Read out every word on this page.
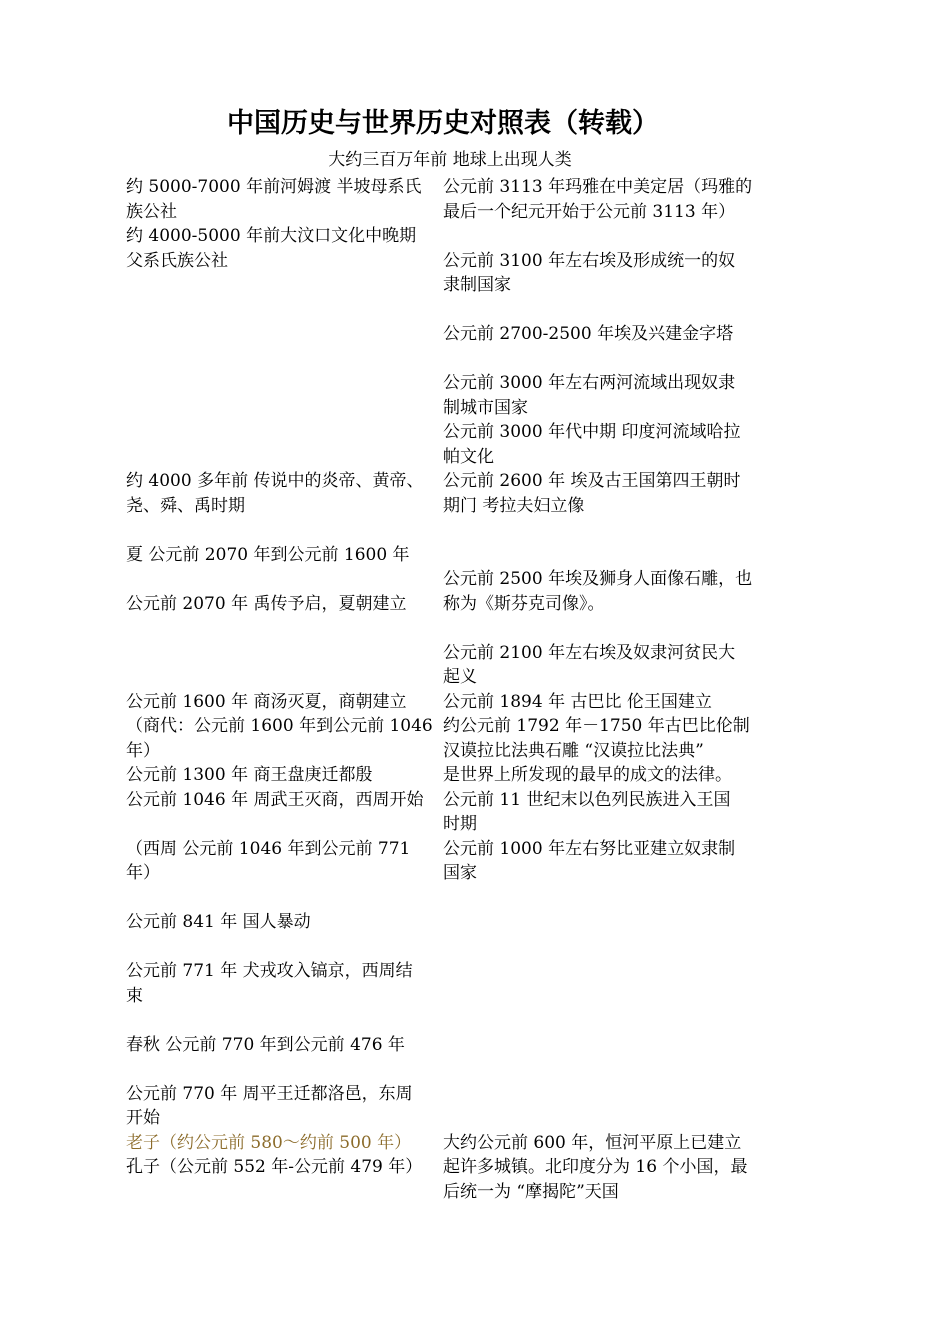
中国历史与世界历史对照表（转载）
大约三百万年前 地球上出现人类
约 5000-7000 年前河姆渡 半坡母系氏
族公社
约 4000-5000 年前大汶口文化中晚期
父系氏族公社
约 4000 多年前 传说中的炎帝、黄帝、
尧、舜、禹时期
夏 公元前 2070 年到公元前 1600 年
公元前 2070 年 禹传予启，夏朝建立
公元前 1600 年 商汤灭夏，商朝建立
（商代：公元前 1600 年到公元前 1046
年）
公元前 1300 年 商王盘庚迁都殷
公元前 1046 年 周武王灭商，西周开始
（西周 公元前 1046 年到公元前 771
年）
公元前 841 年 国人暴动
公元前 771 年 犬戎攻入镐京，西周结
束
春秋 公元前 770 年到公元前 476 年
公元前 770 年 周平王迁都洛邑，东周
开始
老子（约公元前 580～约前 500 年）
孔子（公元前 552 年-公元前 479 年）
公元前 3113 年玛雅在中美定居（玛雅的
最后一个纪元开始于公元前 3113 年）
公元前 3100 年左右埃及形成统一的奴
隶制国家
公元前 2700-2500 年埃及兴建金字塔
公元前 3000 年左右两河流域出现奴隶
制城市国家
公元前 3000 年代中期 印度河流域哈拉
帕文化
公元前 2600 年 埃及古王国第四王朝时
期门 考拉夫妇立像
公元前 2500 年埃及狮身人面像石雕，也
称为《斯芬克司像》。
公元前 2100 年左右埃及奴隶河贫民大
起义
公元前 1894 年 古巴比 伦王国建立
约公元前 1792 年－1750 年古巴比伦制
汉谟拉比法典石雕 “汉谟拉比法典”
是世界上所发现的最早的成文的法律。
公元前 11 世纪末以色列民族进入王国
时期
公元前 1000 年左右努比亚建立奴隶制
国家
大约公元前 600 年，恒河平原上已建立
起许多城镇。北印度分为 16 个小国，最
后统一为 “摩揭陀”天国
